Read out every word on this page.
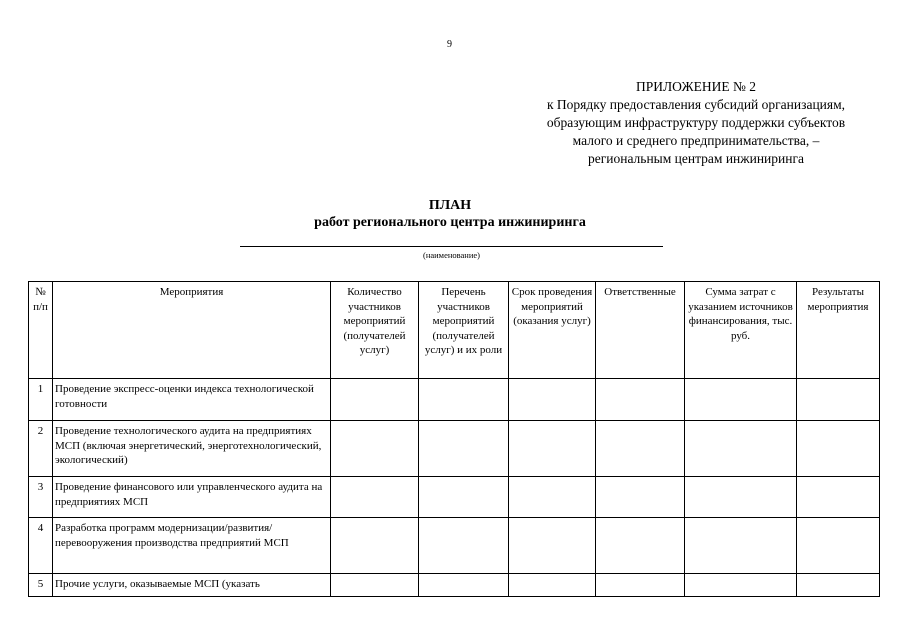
9
ПРИЛОЖЕНИЕ № 2
к Порядку предоставления субсидий организациям,
образующим инфраструктуру поддержки субъектов
малого и среднего предпринимательства, –
региональным центрам инжиниринга
ПЛАН
работ регионального центра инжиниринга
(наименование)
№ п/п	Мероприятия	Количество участников мероприятий (получателей услуг)	Перечень участников мероприятий (получателей услуг) и их роли	Срок проведения мероприятий (оказания услуг)	Ответственные	Сумма затрат с указанием источников финансирования, тыс. руб.	Результаты мероприятия
1	Проведение экспресс-оценки индекса технологической готовности						
2	Проведение технологического аудита на предприятиях МСП (включая энергетический, энерготехнологический, экологический)						
3	Проведение финансового или управленческого аудита на предприятиях МСП						
4	Разработка программ модернизации/развития/перевооружения производства предприятий МСП						
5	Прочие услуги, оказываемые МСП (указать						
